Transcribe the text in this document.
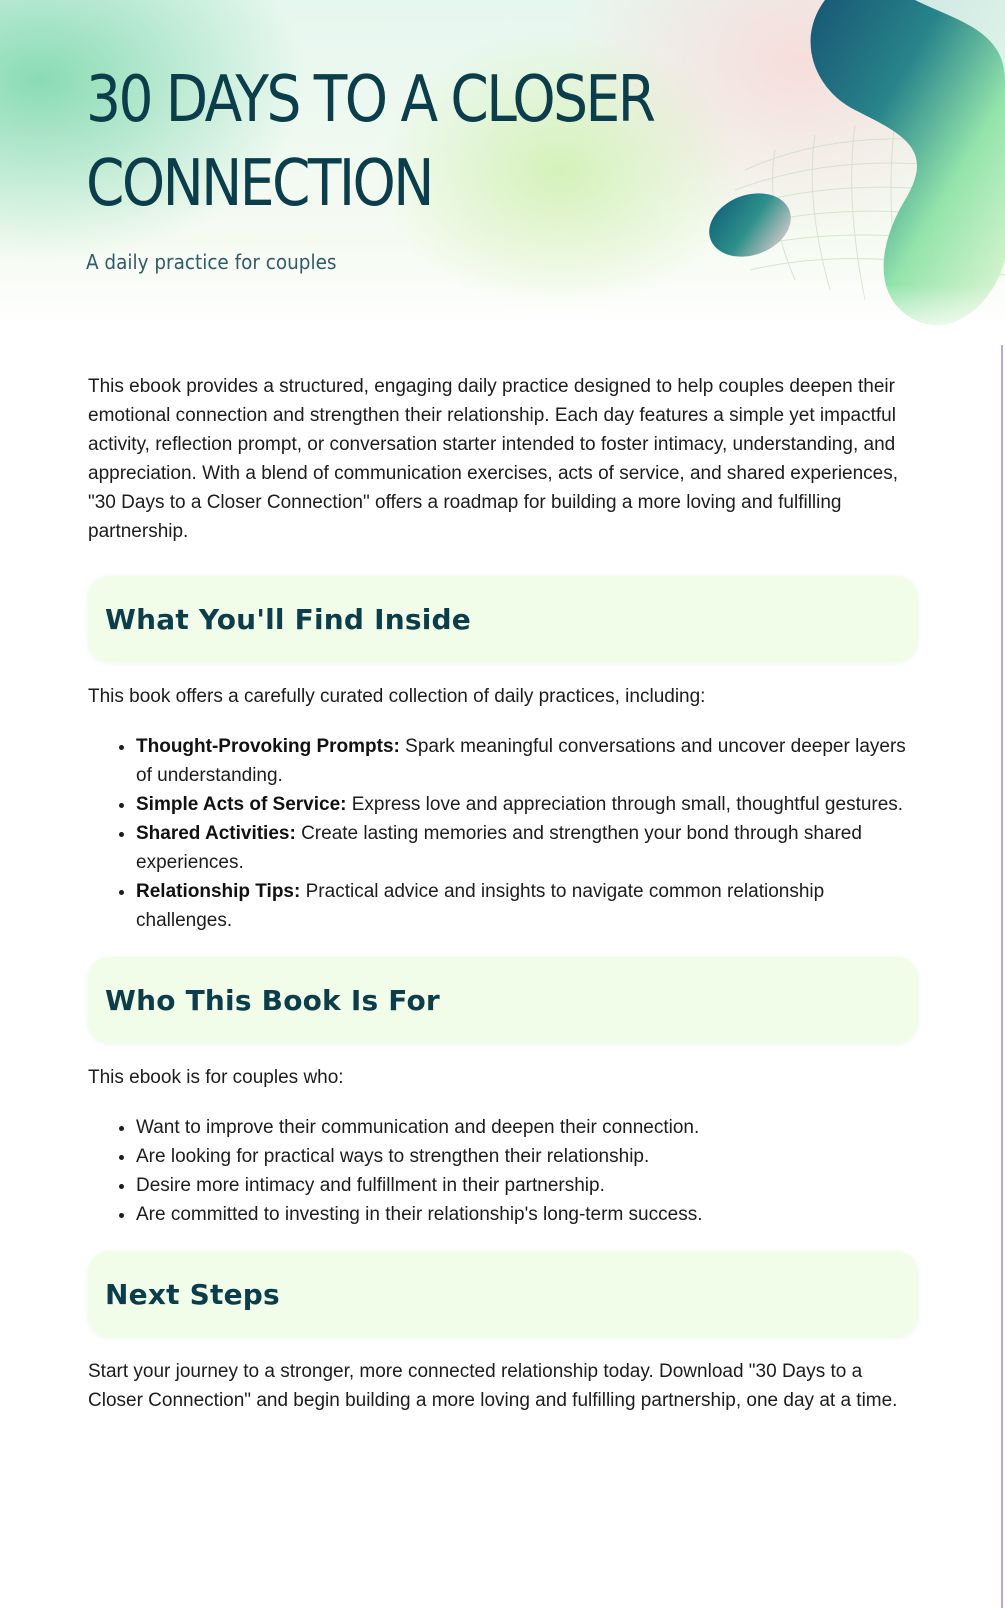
30 DAYS TO A CLOSER CONNECTION

A daily practice for couples

This ebook provides a structured, engaging daily practice designed to help couples deepen their emotional connection and strengthen their relationship. Each day features a simple yet impactful activity, reflection prompt, or conversation starter intended to foster intimacy, understanding, and appreciation. With a blend of communication exercises, acts of service, and shared experiences, "30 Days to a Closer Connection" offers a roadmap for building a more loving and fulfilling partnership.

What You'll Find Inside

This book offers a carefully curated collection of daily practices, including:

• Thought-Provoking Prompts: Spark meaningful conversations and uncover deeper layers of understanding.
• Simple Acts of Service: Express love and appreciation through small, thoughtful gestures.
• Shared Activities: Create lasting memories and strengthen your bond through shared experiences.
• Relationship Tips: Practical advice and insights to navigate common relationship challenges.
Who This Book Is For

This ebook is for couples who:

• Want to improve their communication and deepen their connection.
• Are looking for practical ways to strengthen their relationship.
• Desire more intimacy and fulfillment in their partnership.
• Are committed to investing in their relationship's long-term success.
Next Steps

Start your journey to a stronger, more connected relationship today. Download "30 Days to a Closer Connection" and begin building a more loving and fulfilling partnership, one day at a time.
